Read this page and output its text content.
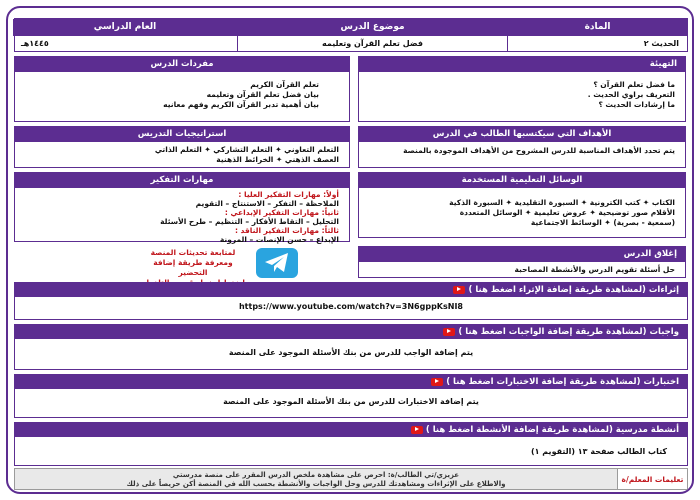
المادة
الحديث ٢
موضوع الدرس
فضل تعلم القرآن وتعليمه
العام الدراسي
١٤٤٥هـ
التهيئة
ما فضل تعلم القرآن ؟
التعريف براوي الحديث .
ما إرشادات الحديث ؟
مفردات الدرس
تعلم القرآن الكريم
بيان فضل تعلم القرآن وتعليمه
بيان أهمية تدبر القرآن الكريم وفهم معانيه
الأهداف التي سيكتسبها الطالب في الدرس
يتم تحدد الأهداف المناسبة للدرس المشروح من الأهداف الموجودة بالمنصة
استراتيجيات التدريس
التعلم التعاوني ✦ التعلم التشاركي ✦ التعلم الذاتي
العصف الذهني ✦ الخرائط الذهنية
الوسائل التعليمية المستخدمة
الكتاب ✦ كتب الكترونية ✦ السبورة التقليدية ✦ السبورة الذكية
الأقلام صور توضيحية ✦ عروض تعليمية ✦ الوسائل المتعددة
(سمعية - بصرية) ✦ الوسائط الاجتماعية
مهارات التفكير
أولاً: مهارات التفكير العليا :
الملاحظة – التفكر – الاستنتاج – التقويم
ثانياً: مهارات التفكير الإبداعي :
التحليل – التقاط الأفكار – التنظيم – طرح الأسئلة
ثالثاً: مهارات التفكير الناقد :
الإبداع – حسن الإنصات – المرونة
لمتابعة تحديثات المنصة
ومعرفة طريقة إضافة التحضير
إغلاق الدرس
حل أسئلة تقويم الدرس والأنشطة المصاحبة
إثراءات (لمشاهدة طريقة إضافة الإثراء اضغط هنا )
https://www.youtube.com/watch?v=3N6gppKsNI8
واجبات (لمشاهدة طريقة إضافة الواجبات اضغط هنا )
يتم إضافة الواجب للدرس من بنك الأسئلة الموجود على المنصة
اختبارات (لمشاهدة طريقة إضافة الاختبارات اضغط هنا )
يتم إضافة الاختبارات للدرس من بنك الأسئلة الموجود على المنصة
أنشطة مدرسية (لمشاهدة طريقة إضافة الأنشطة اضغط هنا )
كتاب الطالب صفحة ١٣ (التقويم ١)
تعليمات المعلم/ة
عزيزي/تي الطالب/ة: احرص على مشاهدة ملخص الدرس المقرر على منصة مدرستي
والاطلاع على الإثراءات ومشاهدتك للدرس وحل الواجبات والأنشطة بحسب الله في المنصة أكن حريصاً على ذلك
